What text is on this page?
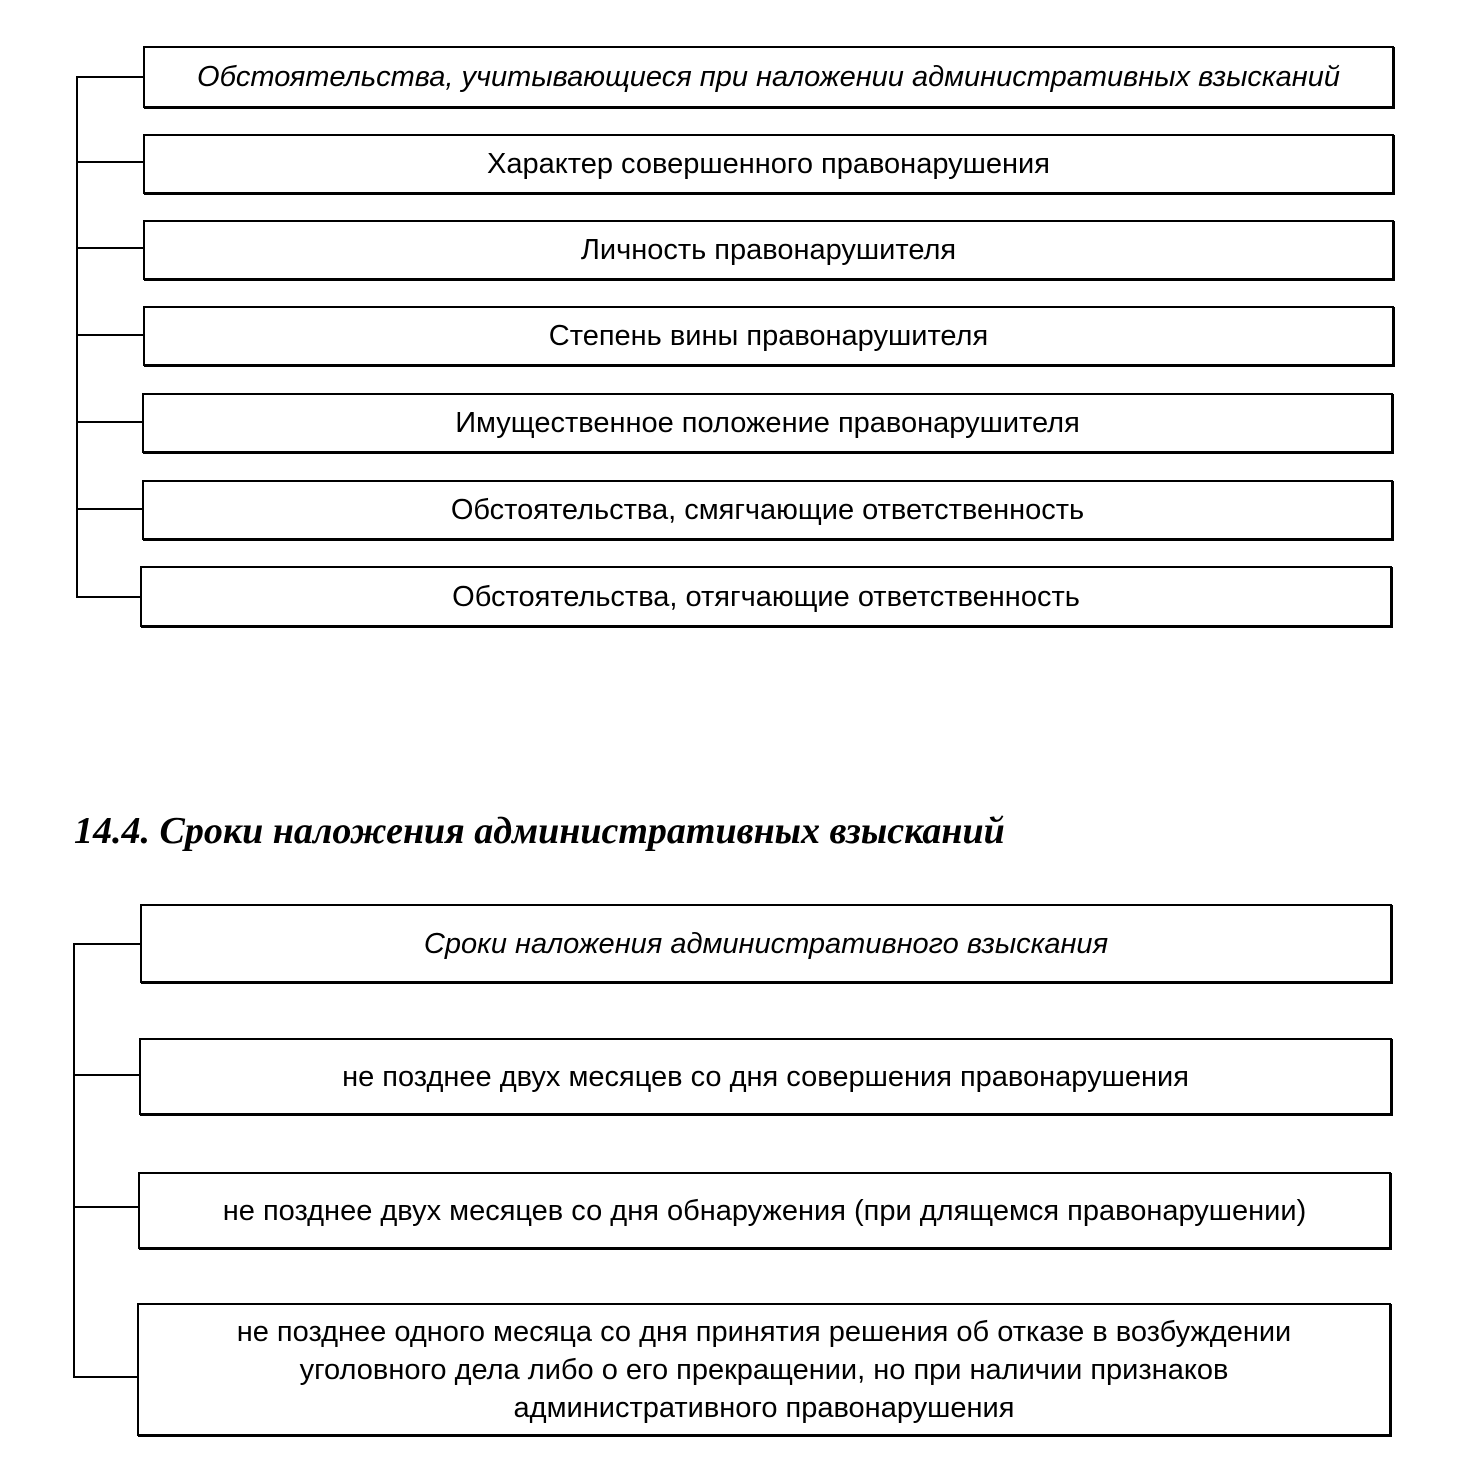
Обстоятельства, учитывающиеся при наложении административных взысканий
Характер совершенного правонарушения
Личность правонарушителя
Степень вины правонарушителя
Имущественное положение правонарушителя
Обстоятельства, смягчающие ответственность
Обстоятельства, отягчающие ответственность
14.4. Сроки наложения административных взысканий
Сроки наложения административного взыскания
не позднее двух месяцев со дня совершения правонарушения
не позднее двух месяцев со дня обнаружения (при длящемся правонарушении)
не позднее одного месяца со дня принятия решения об отказе в возбуждении уголовного дела либо о его прекращении, но при наличии признаков административного правонарушения
